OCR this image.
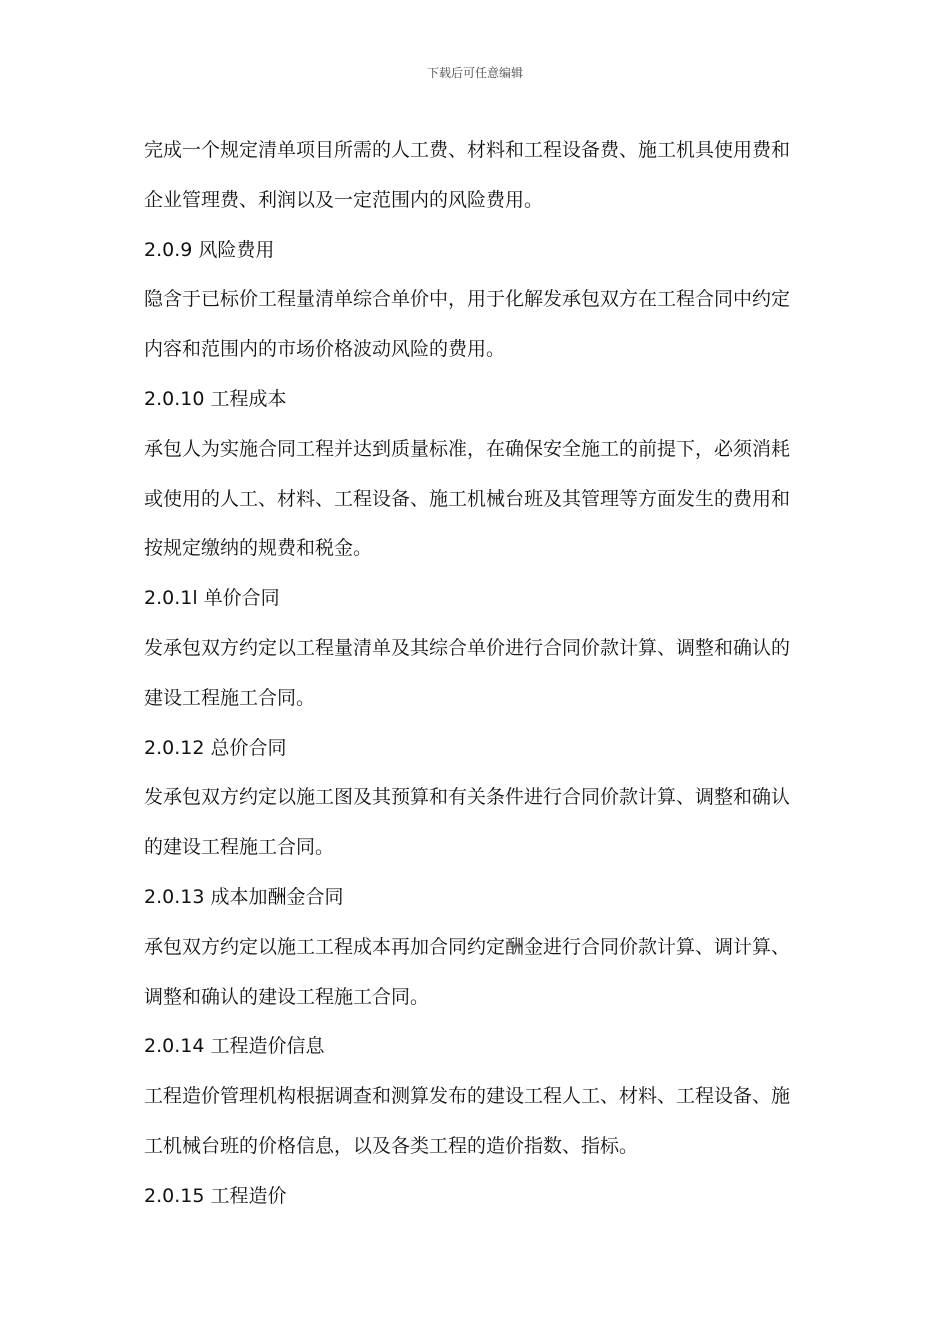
下载后可任意编辑
完成一个规定清单项目所需的人工费、材料和工程设备费、施工机具使用费和
企业管理费、利润以及一定范围内的风险费用。
2.0.9 风险费用
隐含于已标价工程量清单综合单价中，用于化解发承包双方在工程合同中约定
内容和范围内的市场价格波动风险的费用。
2.0.10 工程成本
承包人为实施合同工程并达到质量标准，在确保安全施工的前提下，必须消耗
或使用的人工、材料、工程设备、施工机械台班及其管理等方面发生的费用和
按规定缴纳的规费和税金。
2.0.1l 单价合同
发承包双方约定以工程量清单及其综合单价进行合同价款计算、调整和确认的
建设工程施工合同。
2.0.12 总价合同
发承包双方约定以施工图及其预算和有关条件进行合同价款计算、调整和确认
的建设工程施工合同。
2.0.13 成本加酬金合同
承包双方约定以施工工程成本再加合同约定酬金进行合同价款计算、调计算、
调整和确认的建设工程施工合同。
2.0.14 工程造价信息
工程造价管理机构根据调查和测算发布的建设工程人工、材料、工程设备、施
工机械台班的价格信息，以及各类工程的造价指数、指标。
2.0.15 工程造价
